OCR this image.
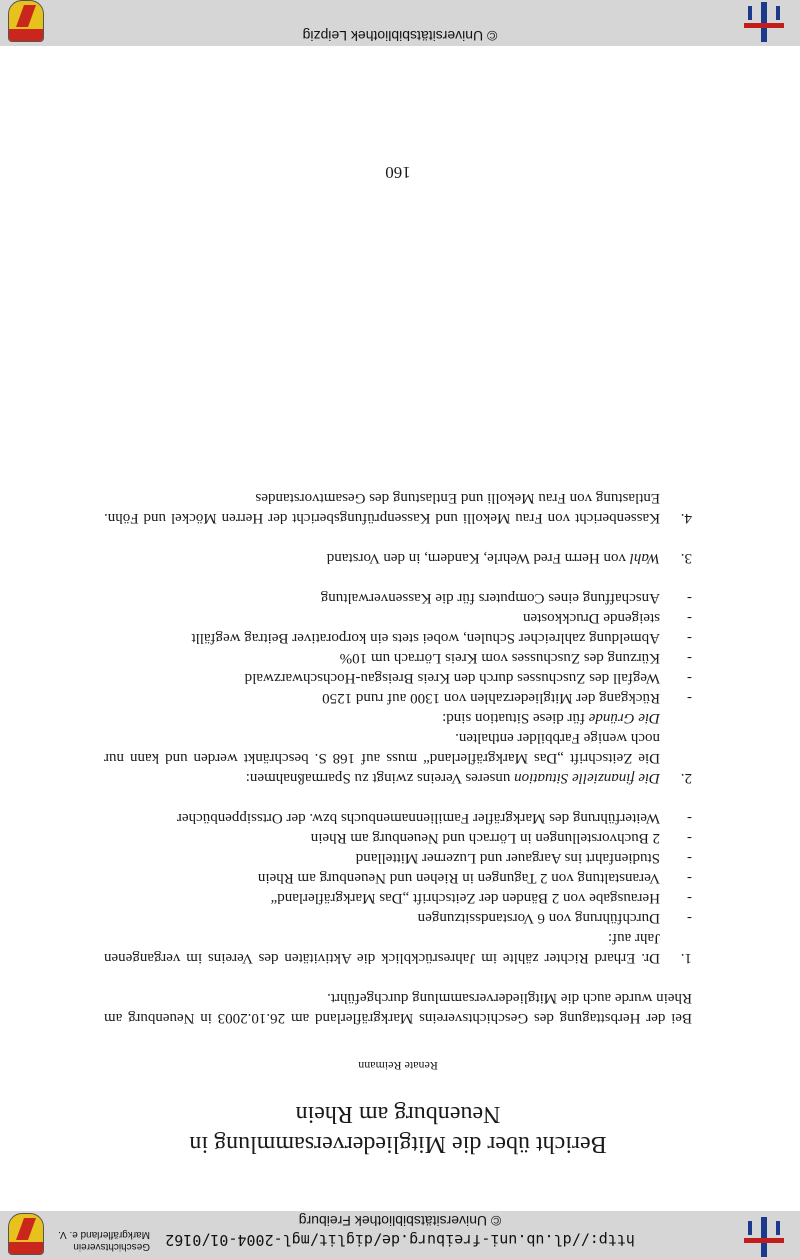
http://dl.ub.uni-freiburg.de/diglit/mgl-2004-01/0162
© Universitätsbibliothek Freiburg
Geschichtsverein
Markgräflerland e. V.
Bericht über die Mitgliederversammlung in
Neuenburg am Rhein
Renate Reimann

Bei der Herbsttagung des Geschichtsvereins Markgräflerland am 26.10.2003 in Neuenburg am Rhein wurde auch die Mitgliederversammlung durchgeführt.

1.

Dr. Erhard Richter zählte im Jahresrückblick die Aktivitäten des Vereins im vergangenen Jahr auf:

-
Durchführung von 6 Vorstandssitzungen
-
Herausgabe von 2 Bänden der Zeitschrift „Das Markgräflerland“
-
Veranstaltung von 2 Tagungen in Riehen und Neuenburg am Rhein
-
Studienfahrt ins Aargauer und Luzerner Mittelland
-
2 Buchvorstellungen in Lörrach und Neuenburg am Rhein
-
Weiterführung des Markgräfler Familiennamenbuchs bzw. der Ortssippenbücher
2.

Die finanzielle Situation unseres Vereins zwingt zu Sparmaßnahmen:

Die Zeitschrift „Das Markgräflerland“ muss auf 168 S. beschränkt werden und kann nur noch wenige Farbbilder enthalten.

Die Gründe für diese Situation sind:

-
Rückgang der Mitgliederzahlen von 1300 auf rund 1250
-
Wegfall des Zuschusses durch den Kreis Breisgau-Hochschwarzwald
-
Kürzung des Zuschusses vom Kreis Lörrach um 10%
-
Abmeldung zahlreicher Schulen, wobei stets ein korporativer Beitrag wegfällt
-
steigende Druckkosten
-
Anschaffung eines Computers für die Kassenverwaltung
3.

Wahl von Herrn Fred Wehrle, Kandern, in den Vorstand

4.

Kassenbericht von Frau Mekolli und Kassenprüfungsbericht der Herren Möckel und Föhn. Entlastung von Frau Mekolli und Entlastung des Gesamtvorstandes

160
© Universitätsbibliothek Leipzig
